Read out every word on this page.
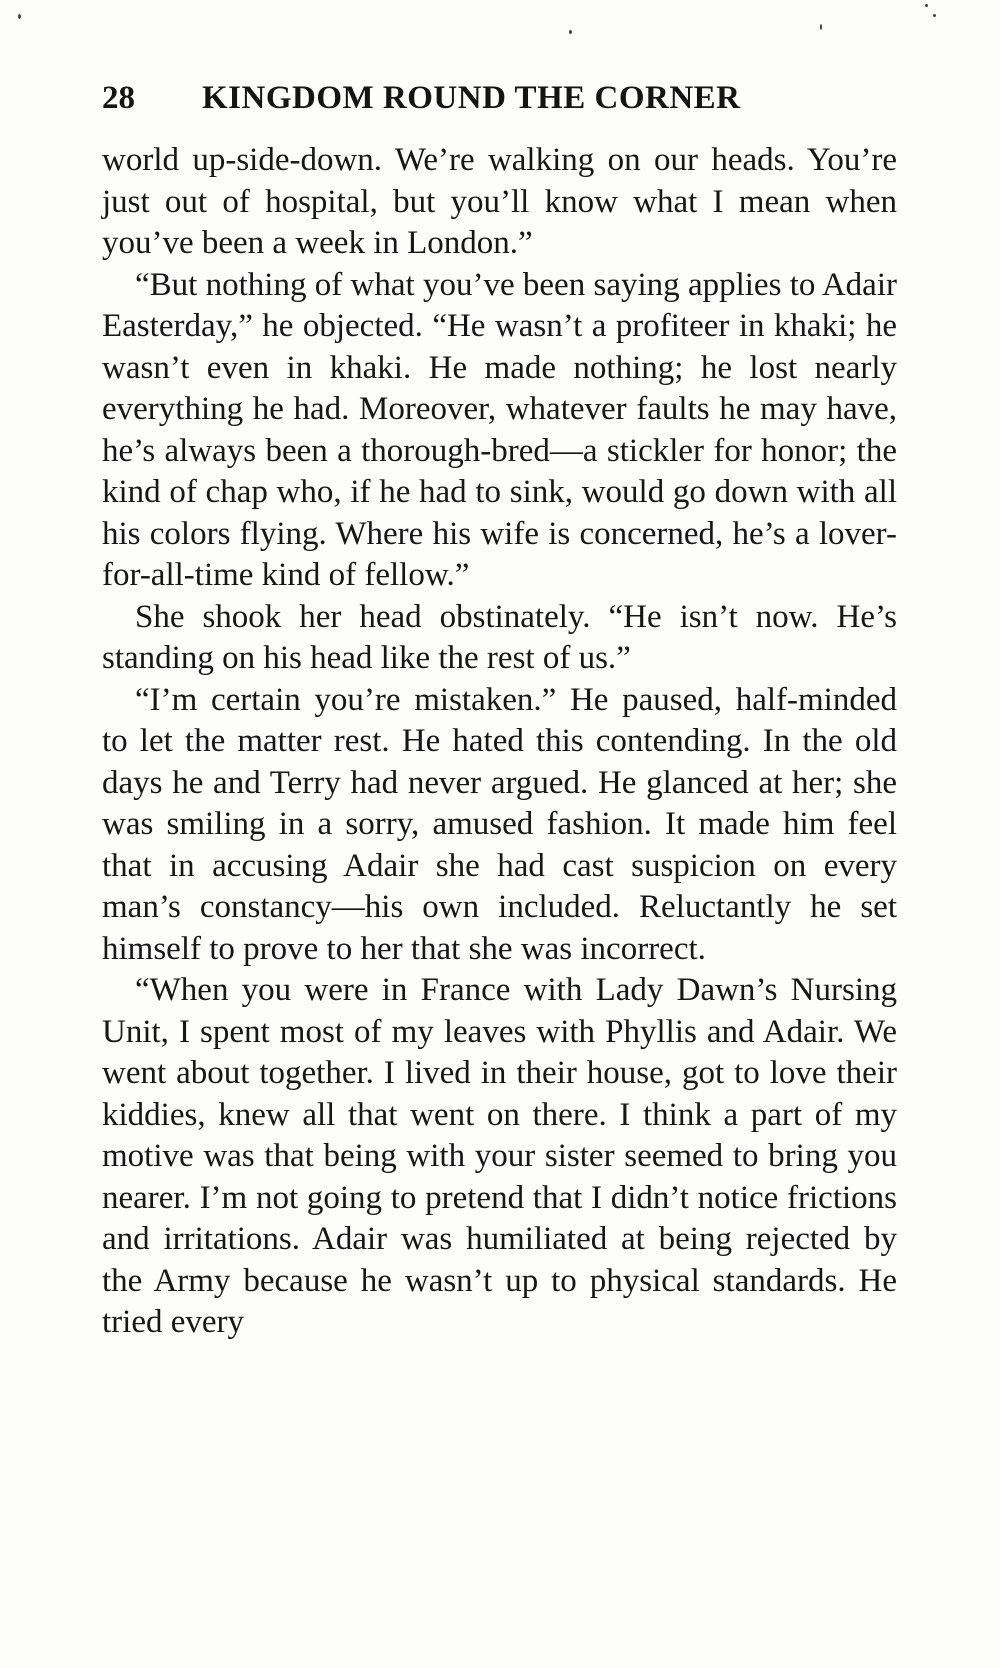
28 KINGDOM ROUND THE CORNER

world up-side-down. We’re walking on our heads. You’re just out of hospital, but you’ll know what I mean when you’ve been a week in London.”

“But nothing of what you’ve been saying applies to Adair Easterday,” he objected. “He wasn’t a profiteer in khaki; he wasn’t even in khaki. He made nothing; he lost nearly everything he had. Moreover, whatever faults he may have, he’s always been a thorough-bred—a stickler for honor; the kind of chap who, if he had to sink, would go down with all his colors flying. Where his wife is concerned, he’s a lover-for-all-time kind of fellow.”

She shook her head obstinately. “He isn’t now. He’s standing on his head like the rest of us.”

“I’m certain you’re mistaken.” He paused, half-minded to let the matter rest. He hated this contending. In the old days he and Terry had never argued. He glanced at her; she was smiling in a sorry, amused fashion. It made him feel that in accusing Adair she had cast suspicion on every man’s constancy—his own included. Reluctantly he set himself to prove to her that she was incorrect.

“When you were in France with Lady Dawn’s Nursing Unit, I spent most of my leaves with Phyllis and Adair. We went about together. I lived in their house, got to love their kiddies, knew all that went on there. I think a part of my motive was that being with your sister seemed to bring you nearer. I’m not going to pretend that I didn’t notice frictions and irritations. Adair was humiliated at being rejected by the Army because he wasn’t up to physical standards. He tried every
